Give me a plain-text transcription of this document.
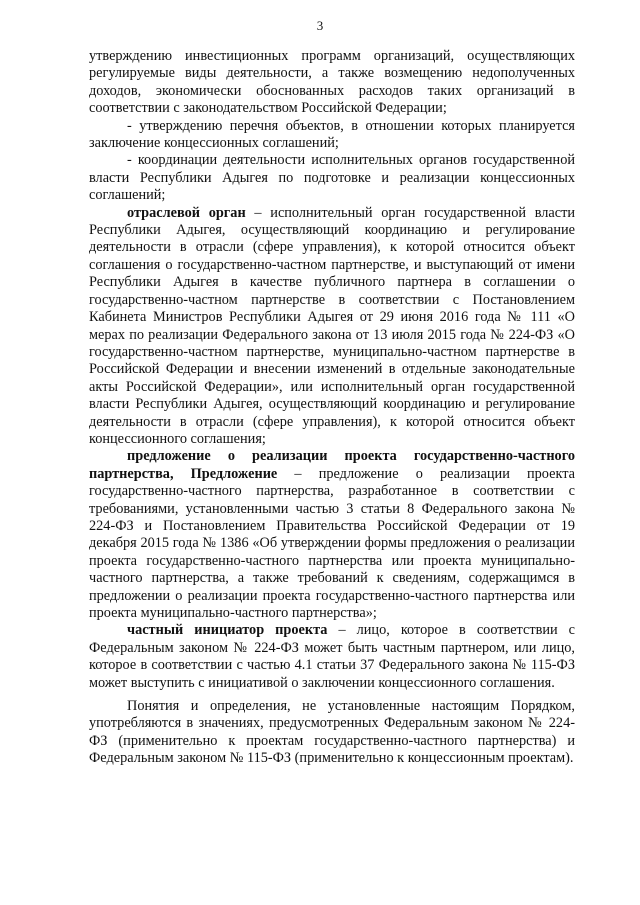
3

утверждению инвестиционных программ организаций, осуществляющих регулируемые виды деятельности, а также возмещению недополученных доходов, экономически обоснованных расходов таких организаций в соответствии с законодательством Российской Федерации;

- утверждению перечня объектов, в отношении которых планируется заключение концессионных соглашений;

- координации деятельности исполнительных органов государственной власти Республики Адыгея по подготовке и реализации концессионных соглашений;

отраслевой орган – исполнительный орган государственной власти Республики Адыгея, осуществляющий координацию и регулирование деятельности в отрасли (сфере управления), к которой относится объект соглашения о государственно-частном партнерстве, и выступающий от имени Республики Адыгея в качестве публичного партнера в соглашении о государственно-частном партнерстве в соответствии с Постановлением Кабинета Министров Республики Адыгея от 29 июня 2016 года № 111 «О мерах по реализации Федерального закона от 13 июля 2015 года № 224-ФЗ «О государственно-частном партнерстве, муниципально-частном партнерстве в Российской Федерации и внесении изменений в отдельные законодательные акты Российской Федерации», или исполнительный орган государственной власти Республики Адыгея, осуществляющий координацию и регулирование деятельности в отрасли (сфере управления), к которой относится объект концессионного соглашения;

предложение о реализации проекта государственно-частного партнерства, Предложение – предложение о реализации проекта государственно-частного партнерства, разработанное в соответствии с требованиями, установленными частью 3 статьи 8 Федерального закона № 224-ФЗ и Постановлением Правительства Российской Федерации от 19 декабря 2015 года № 1386 «Об утверждении формы предложения о реализации проекта государственно-частного партнерства или проекта муниципально-частного партнерства, а также требований к сведениям, содержащимся в предложении о реализации проекта государственно-частного партнерства или проекта муниципально-частного партнерства»;

частный инициатор проекта – лицо, которое в соответствии с Федеральным законом № 224-ФЗ может быть частным партнером, или лицо, которое в соответствии с частью 4.1 статьи 37 Федерального закона № 115-ФЗ может выступить с инициативой о заключении концессионного соглашения.

Понятия и определения, не установленные настоящим Порядком, употребляются в значениях, предусмотренных Федеральным законом № 224-ФЗ (применительно к проектам государственно-частного партнерства) и Федеральным законом № 115-ФЗ (применительно к концессионным проектам).
